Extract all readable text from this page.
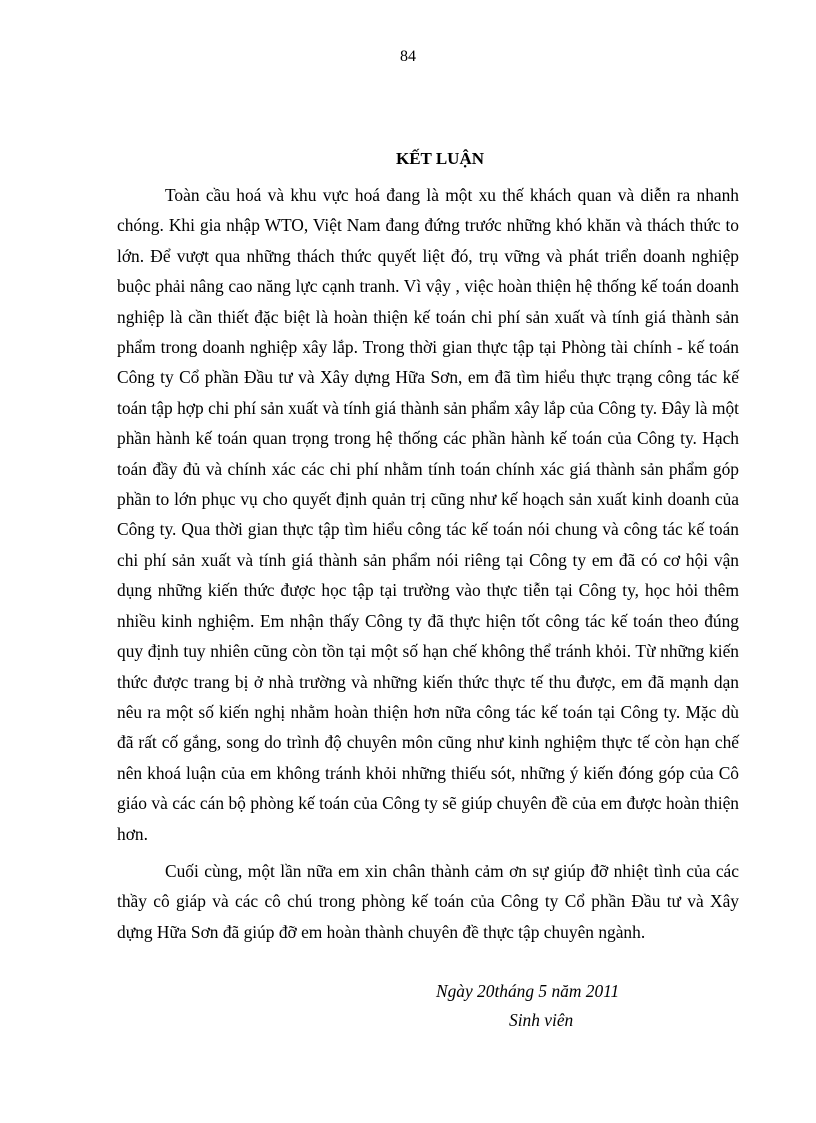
84
KẾT LUẬN

Toàn cầu hoá và khu vực hoá đang là một xu thế khách quan và diễn ra nhanh chóng. Khi gia nhập WTO, Việt Nam đang đứng trước những khó khăn và thách thức to lớn. Để vượt qua những thách thức quyết liệt đó, trụ vững và phát triển doanh nghiệp buộc phải nâng cao năng lực cạnh tranh. Vì vậy , việc hoàn thiện hệ thống kế toán doanh nghiệp là cần thiết đặc biệt là hoàn thiện kế toán chi phí sản xuất và tính giá thành sản phẩm trong doanh nghiệp xây lắp. Trong thời gian thực tập tại Phòng tài chính - kế toán Công ty Cổ phần Đầu tư và Xây dựng Hữa Sơn, em đã tìm hiểu thực trạng công tác kế toán tập hợp chi phí sản xuất và tính giá thành sản phẩm xây lắp của Công ty. Đây là một phần hành kế toán quan trọng trong hệ thống các phần hành kế toán của Công ty. Hạch toán đầy đủ và chính xác các chi phí nhằm tính toán chính xác giá thành sản phẩm góp phần to lớn phục vụ cho quyết định quản trị cũng như kế hoạch sản xuất kinh doanh của Công ty. Qua thời gian thực tập tìm hiểu công tác kế toán nói chung và công tác kế toán chi phí sản xuất và tính giá thành sản phẩm nói riêng tại Công ty em đã có cơ hội vận dụng những kiến thức được học tập tại trường vào thực tiễn tại Công ty, học hỏi thêm nhiều kinh nghiệm. Em nhận thấy Công ty đã thực hiện tốt công tác kế toán theo đúng quy định tuy nhiên cũng còn tồn tại một số hạn chế không thể tránh khỏi. Từ những kiến thức được trang bị ở nhà trường và những kiến thức thực tế thu được, em đã mạnh dạn nêu ra một số kiến nghị nhằm hoàn thiện hơn nữa công tác kế toán tại Công ty. Mặc dù đã rất cố gắng, song do trình độ chuyên môn cũng như kinh nghiệm thực tế còn hạn chế nên khoá luận của em không tránh khỏi những thiếu sót, những ý kiến đóng góp của Cô giáo và các cán bộ phòng kế toán của Công ty sẽ giúp chuyên đề của em được hoàn thiện hơn.

Cuối cùng, một lần nữa em xin chân thành cảm ơn sự giúp đỡ nhiệt tình của các thầy cô giáp và các cô chú trong phòng kế toán của Công ty Cổ phần Đầu tư và Xây dựng Hữa Sơn đã giúp đỡ em hoàn thành chuyên đề thực tập chuyên ngành.

Ngày 20tháng 5 năm 2011
Sinh viên
